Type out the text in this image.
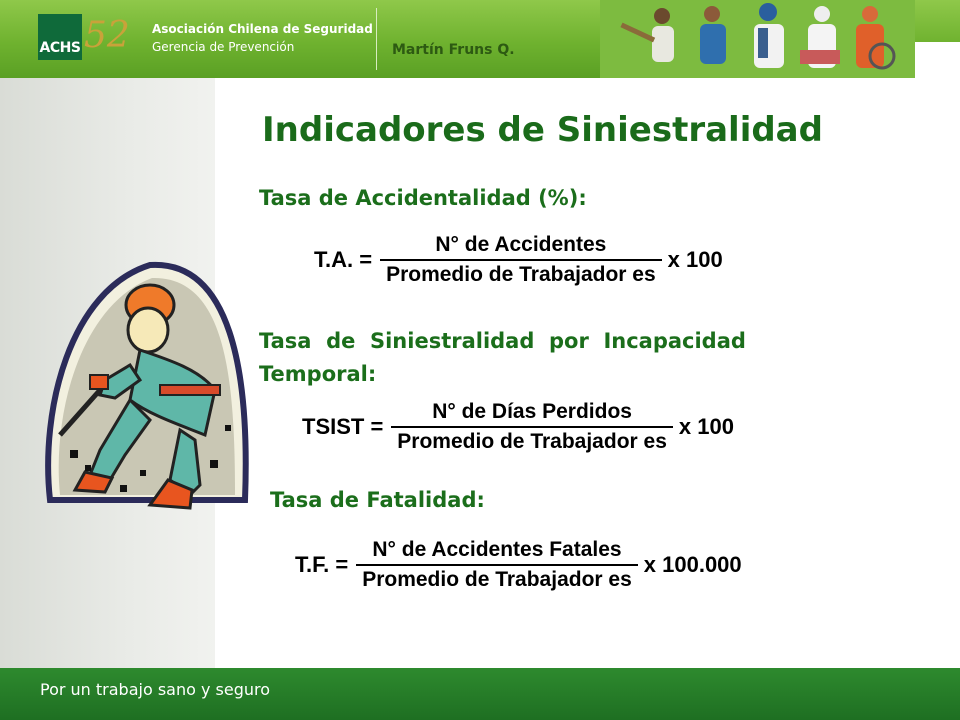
ACHS 52 Asociación Chilena de Seguridad
Gerencia de Prevención	Martín Fruns Q.
Indicadores de Siniestralidad
Tasa de Accidentalidad (%):
T.A. = $\frac{\text{N° de Accidentes}}{\text{Promedio de Trabajador es}}$ x 100
Tasa  de  Siniestralidad  por  Incapacidad
Temporal:
TSIST = $\frac{\text{N° de Días Perdidos}}{\text{Promedio de Trabajador es}}$ x 100
Tasa de Fatalidad:
T.F. = $\frac{\text{N° de Accidentes Fatales}}{\text{Promedio de Trabajador es}}$ x 100.000
Por un trabajo sano y seguro
